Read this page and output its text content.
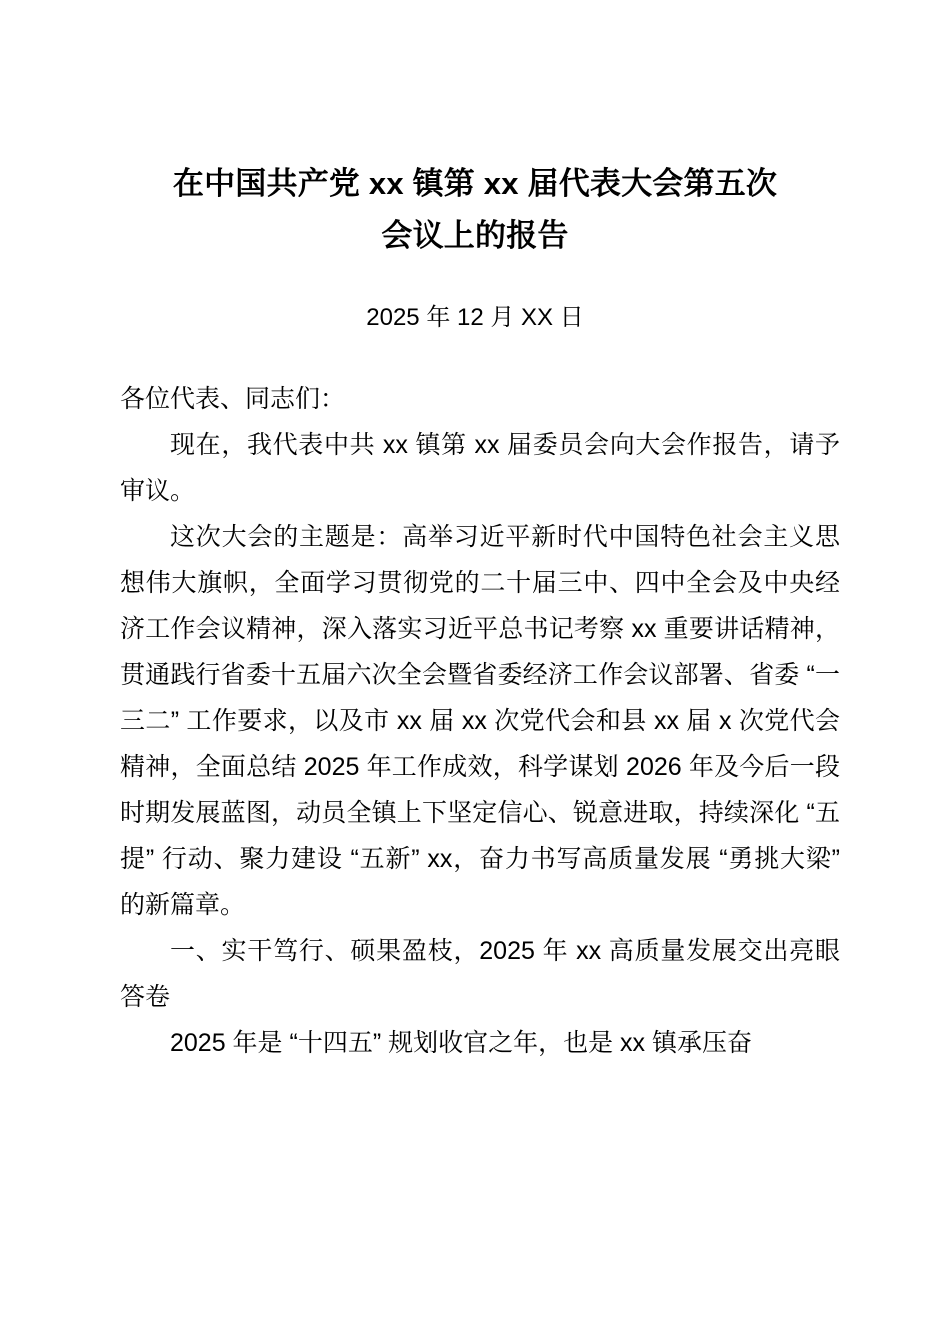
在中国共产党 xx 镇第 xx 届代表大会第五次
会议上的报告
2025 年 12 月 XX 日
各位代表、同志们：

现在，我代表中共 xx 镇第 xx 届委员会向大会作报告，请予审议。

这次大会的主题是：高举习近平新时代中国特色社会主义思想伟大旗帜，全面学习贯彻党的二十届三中、四中全会及中央经济工作会议精神，深入落实习近平总书记考察 xx 重要讲话精神，贯通践行省委十五届六次全会暨省委经济工作会议部署、省委 “一三二” 工作要求，以及市 xx 届 xx 次党代会和县 xx 届 x 次党代会精神，全面总结 2025 年工作成效，科学谋划 2026 年及今后一段时期发展蓝图，动员全镇上下坚定信心、锐意进取，持续深化 “五提” 行动、聚力建设 “五新” xx，奋力书写高质量发展 “勇挑大梁” 的新篇章。

一、实干笃行、硕果盈枝，2025 年 xx 高质量发展交出亮眼答卷

2025 年是 “十四五” 规划收官之年，也是 xx 镇承压奋
